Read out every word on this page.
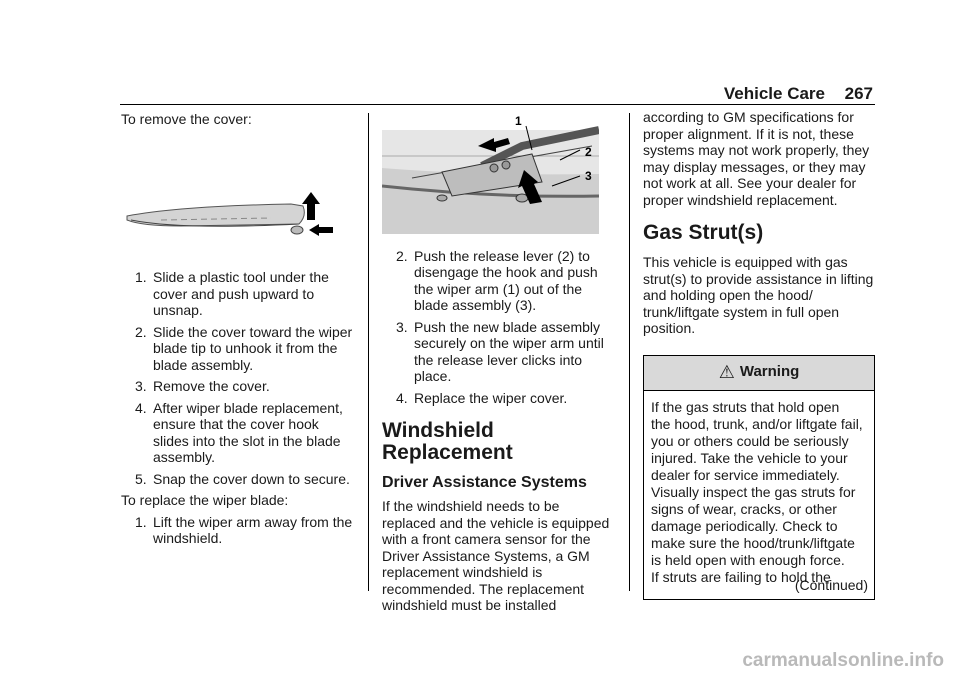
Vehicle Care 267

To remove the cover:

1. Slide a plastic tool under the cover and push upward to unsnap.
2. Slide the cover toward the wiper blade tip to unhook it from the blade assembly.
3. Remove the cover.
4. After wiper blade replacement, ensure that the cover hook slides into the slot in the blade assembly.
5. Snap the cover down to secure.

To replace the wiper blade:

1. Lift the wiper arm away from the windshield.
1
2
3
2. Push the release lever (2) to disengage the hook and push the wiper arm (1) out of the blade assembly (3).
3. Push the new blade assembly securely on the wiper arm until the release lever clicks into place.
4. Replace the wiper cover.
Windshield Replacement
Driver Assistance Systems

If the windshield needs to be replaced and the vehicle is equipped with a front camera sensor for the Driver Assistance Systems, a GM replacement windshield is recommended. The replacement windshield must be installed

according to GM specifications for proper alignment. If it is not, these systems may not work properly, they may display messages, or they may not work at all. See your dealer for proper windshield replacement.

Gas Strut(s)

This vehicle is equipped with gas strut(s) to provide assistance in lifting and holding open the hood/ trunk/liftgate system in full open position.

⚠ Warning
If the gas struts that hold open
the hood, trunk, and/or liftgate fail,
you or others could be seriously
injured. Take the vehicle to your
dealer for service immediately.
Visually inspect the gas struts for
signs of wear, cracks, or other
damage periodically. Check to
make sure the hood/trunk/liftgate
is held open with enough force.
If struts are failing to hold the
(Continued)
carmanualsonline.info
